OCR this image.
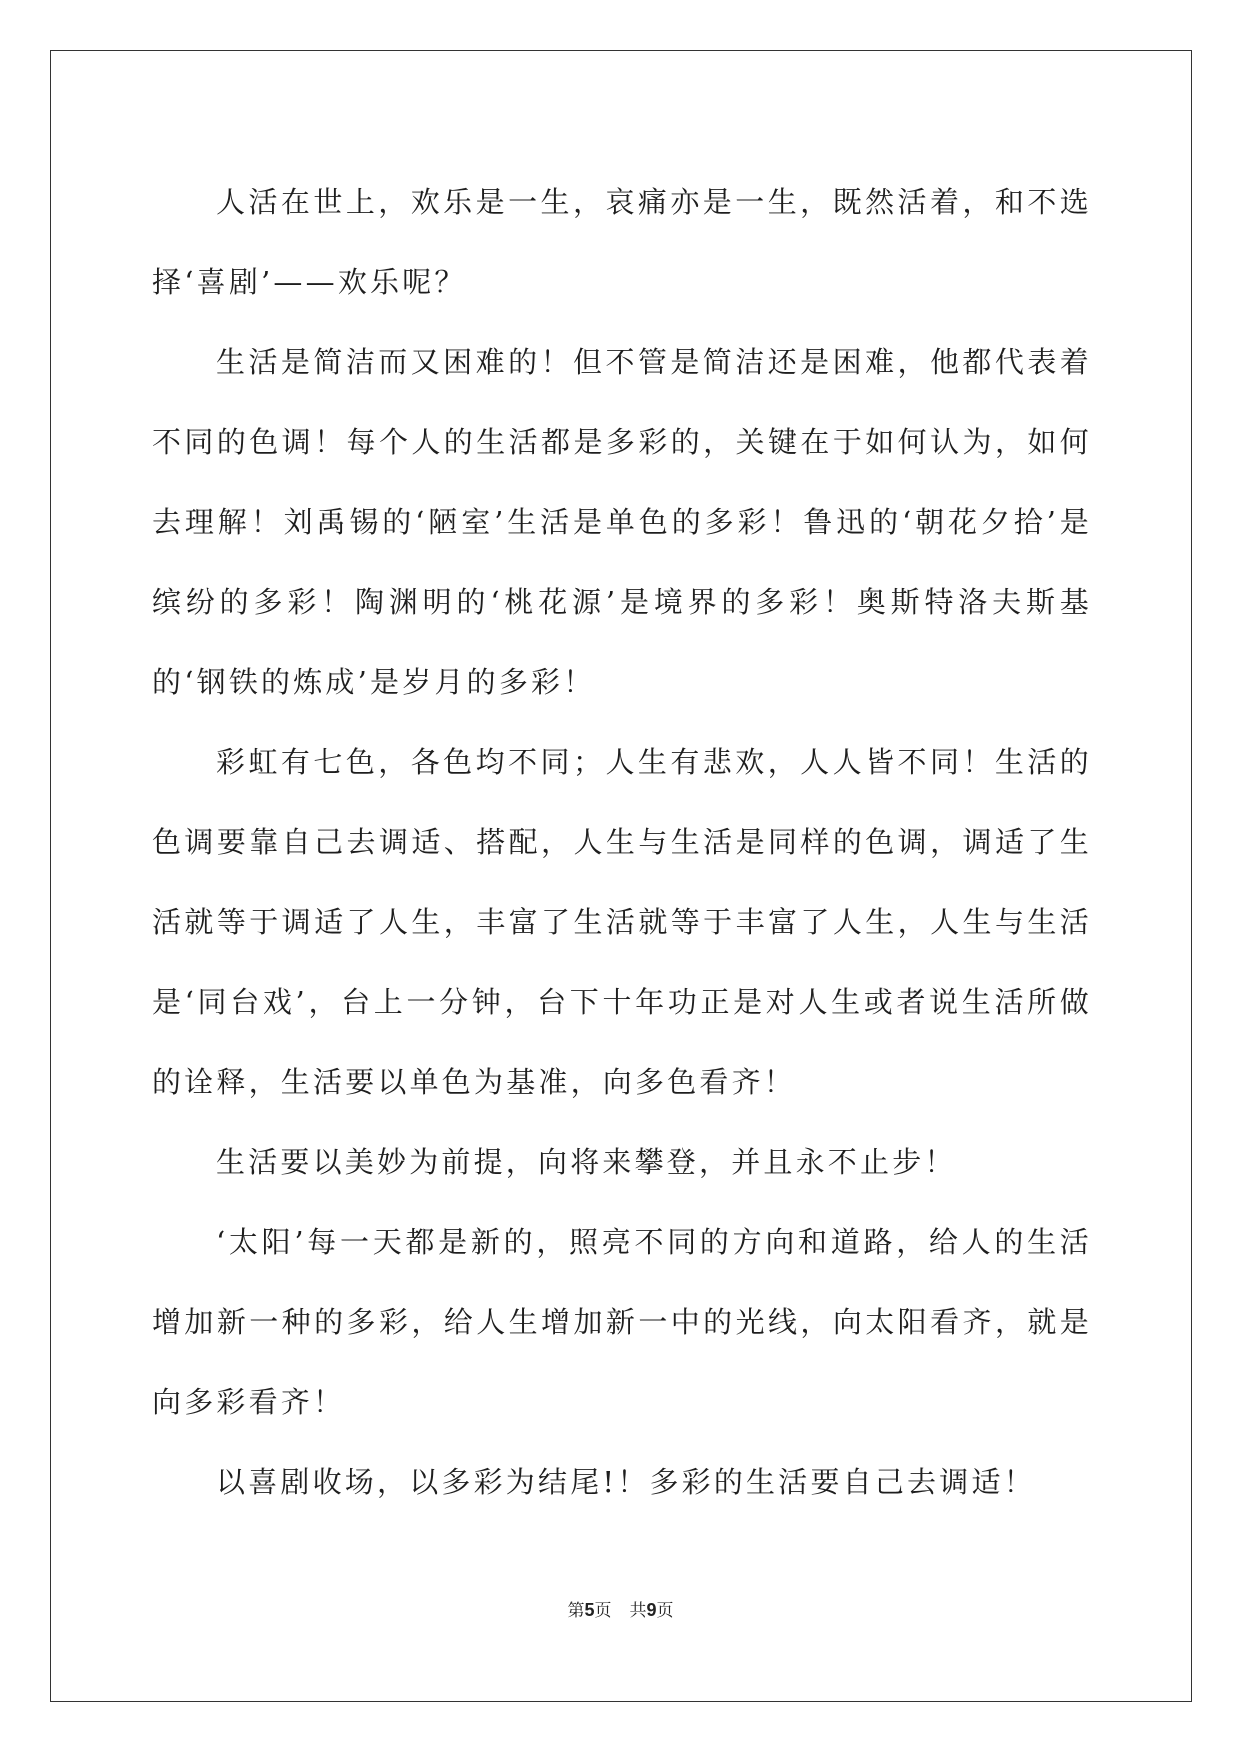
人活在世上，欢乐是一生，哀痛亦是一生，既然活着，和不选择‘喜剧’——欢乐呢？

生活是简洁而又困难的！但不管是简洁还是困难，他都代表着不同的色调！每个人的生活都是多彩的，关键在于如何认为，如何去理解！刘禹锡的‘陋室’生活是单色的多彩！鲁迅的‘朝花夕拾’是缤纷的多彩！陶渊明的‘桃花源’是境界的多彩！奥斯特洛夫斯基的‘钢铁的炼成’是岁月的多彩！

彩虹有七色，各色均不同；人生有悲欢，人人皆不同！生活的色调要靠自己去调适、搭配，人生与生活是同样的色调，调适了生活就等于调适了人生，丰富了生活就等于丰富了人生，人生与生活是‘同台戏’，台上一分钟，台下十年功正是对人生或者说生活所做的诠释，生活要以单色为基准，向多色看齐！

生活要以美妙为前提，向将来攀登，并且永不止步！

‘太阳’每一天都是新的，照亮不同的方向和道路，给人的生活增加新一种的多彩，给人生增加新一中的光线，向太阳看齐，就是向多彩看齐！

以喜剧收场，以多彩为结尾!！多彩的生活要自己去调适！

第5页 共9页
